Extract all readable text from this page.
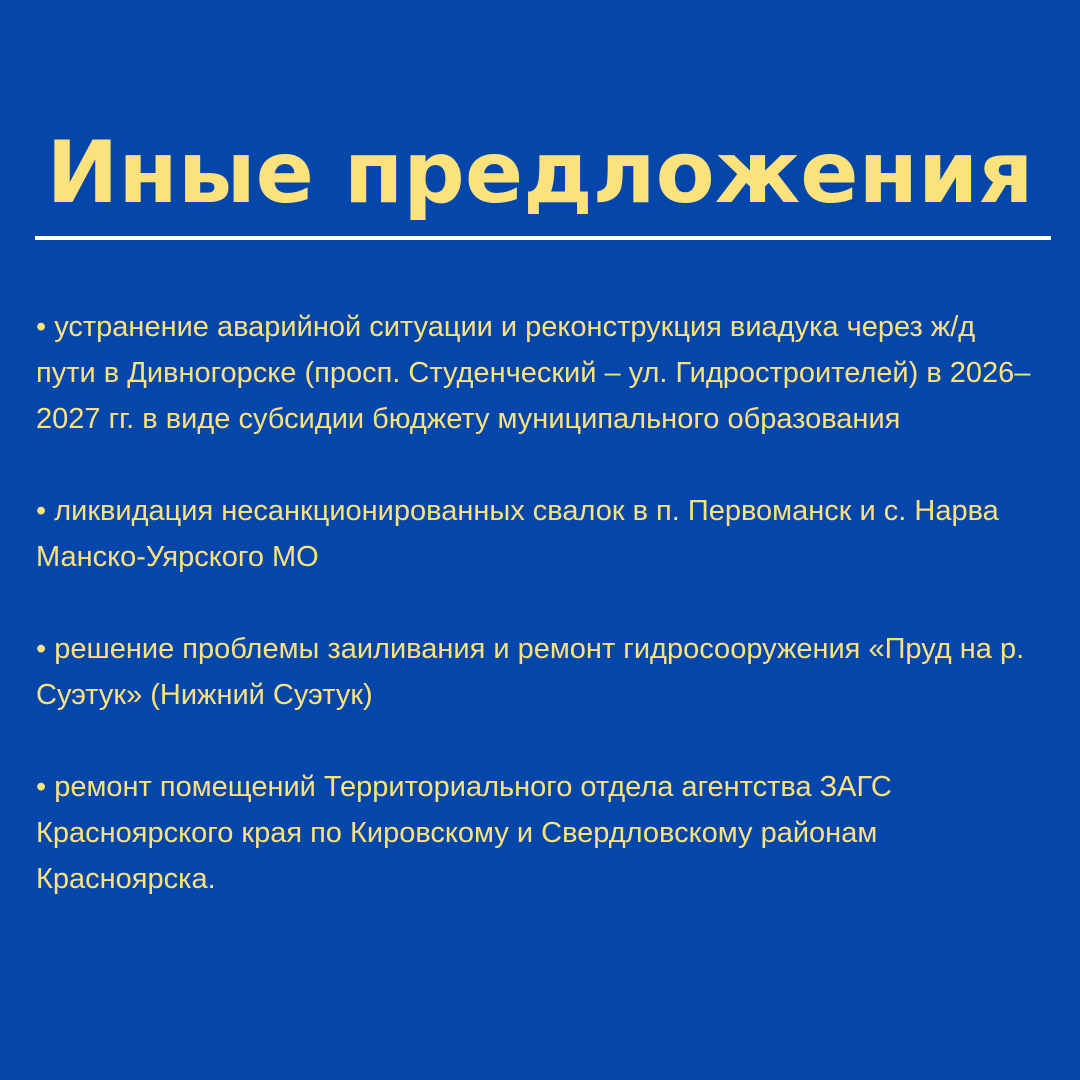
Иные предложения
• устранение аварийной ситуации и реконструкция виадука через ж/д пути в Дивногорске (просп. Студенческий – ул. Гидростроителей) в 2026–2027 гг. в виде субсидии бюджету муниципального образования
• ликвидация несанкционированных свалок в п. Первоманск и с. Нарва Манско-Уярского МО
• решение проблемы заиливания и ремонт гидросооружения «Пруд на р. Суэтук» (Нижний Суэтук)
• ремонт помещений Территориального отдела агентства ЗАГС Красноярского края по Кировскому и Свердловскому районам Красноярска.
